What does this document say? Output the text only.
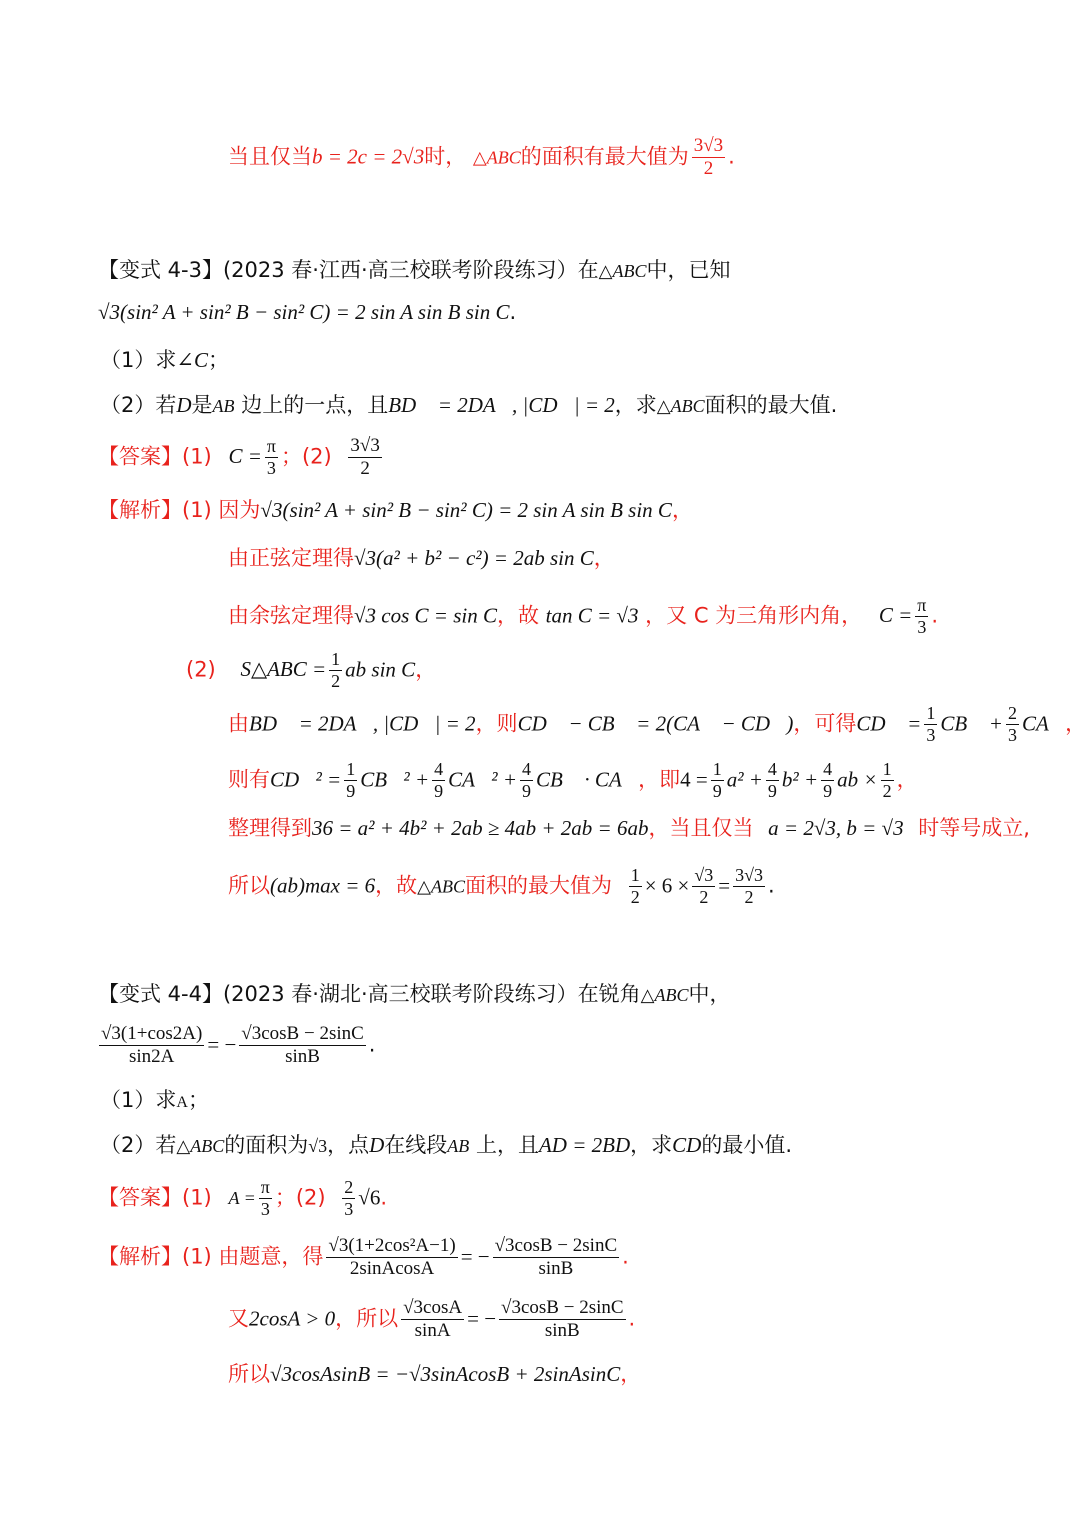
当且仅当b = 2c = 2√3时， △ABC的面积有最大值为 $\frac{3√3}{2}$ .
【变式 4-3】(2023 春·江西·高三校联考阶段练习）在△ABC中，已知
√3(sin² A + sin² B − sin² C) = 2 sin A sin B sin C.
（1）求∠C；
（2）若D是AB 边上的一点，且BD⃗ = 2DA⃗, |CD⃗| = 2，求△ABC面积的最大值.
【答案】(1) $C = \frac{\pi}{3}$ ；$(2) \frac{3√3}{2}$
【解析】(1) 因为√3(sin² A + sin² B − sin² C) = 2 sin A sin B sin C，
由正弦定理得√3(a² + b² − c²) = 2ab sin C，
由余弦定理得√3 cos C = sin C，故 tan C = √3 ，又 C 为三角形内角， $C = \frac{\pi}{3}$ .
(2) S△ABC = $\frac{1}{2}$ ab sin C，
由BD⃗ = 2DA⃗, |CD⃗| = 2，则CD⃗ − CB⃗ = 2(CA⃗ − CD⃗)，可得CD⃗ = $\frac{1}{3}$ CB⃗ + $\frac{2}{3}$ CA⃗，
则有CD⃗² = $\frac{1}{9}$ CB⃗² + $\frac{4}{9}$ CA⃗² + $\frac{4}{9}$ CB⃗ · CA⃗，即$4 = \frac{1}{9} a^2 + \frac{4}{9} b^2 + \frac{4}{9}$ ab × $\frac{1}{2}$ ，
整理得到36 = a² + 4b² + 2ab ≥ 4ab + 2ab = 6ab，当且仅当 a = 2√3, b = √3 时等号成立,
所以(ab)max = 6，故△ABC面积的最大值为 $\frac{1}{2} \times 6 \times \frac{√3}{2} = \frac{3√3}{2}$ .
【变式 4-4】(2023 春·湖北·高三校联考阶段练习）在锐角△ABC中，
$\frac{√3(1+\cos 2A)}{\sin 2A}$ = − $\frac{√3\cos B - 2\sin C}{\sin B}$ .
（1）求A；
（2）若△ABC的面积为√3，点D在线段AB 上，且AD = 2BD，求CD的最小值.
【答案】(1) $A = \frac{\pi}{3}$ ；$(2) \frac{2}{3} √6$.
【解析】(1) 由题意，得 $\frac{\text{√3(1+2cos²A−1)}}{\text{2sinAcosA}}$ = − $\frac{√3\cos B - 2\sin C}{\sin B}$ .
又2cosA > 0，所以 $\frac{√3\cos A}{\sin A}$ = − $\frac{√3\cos B - 2\sin C}{\sin B}$ .
所以√3cosAsinB = −√3sinAcosB + 2sinAsinC，
